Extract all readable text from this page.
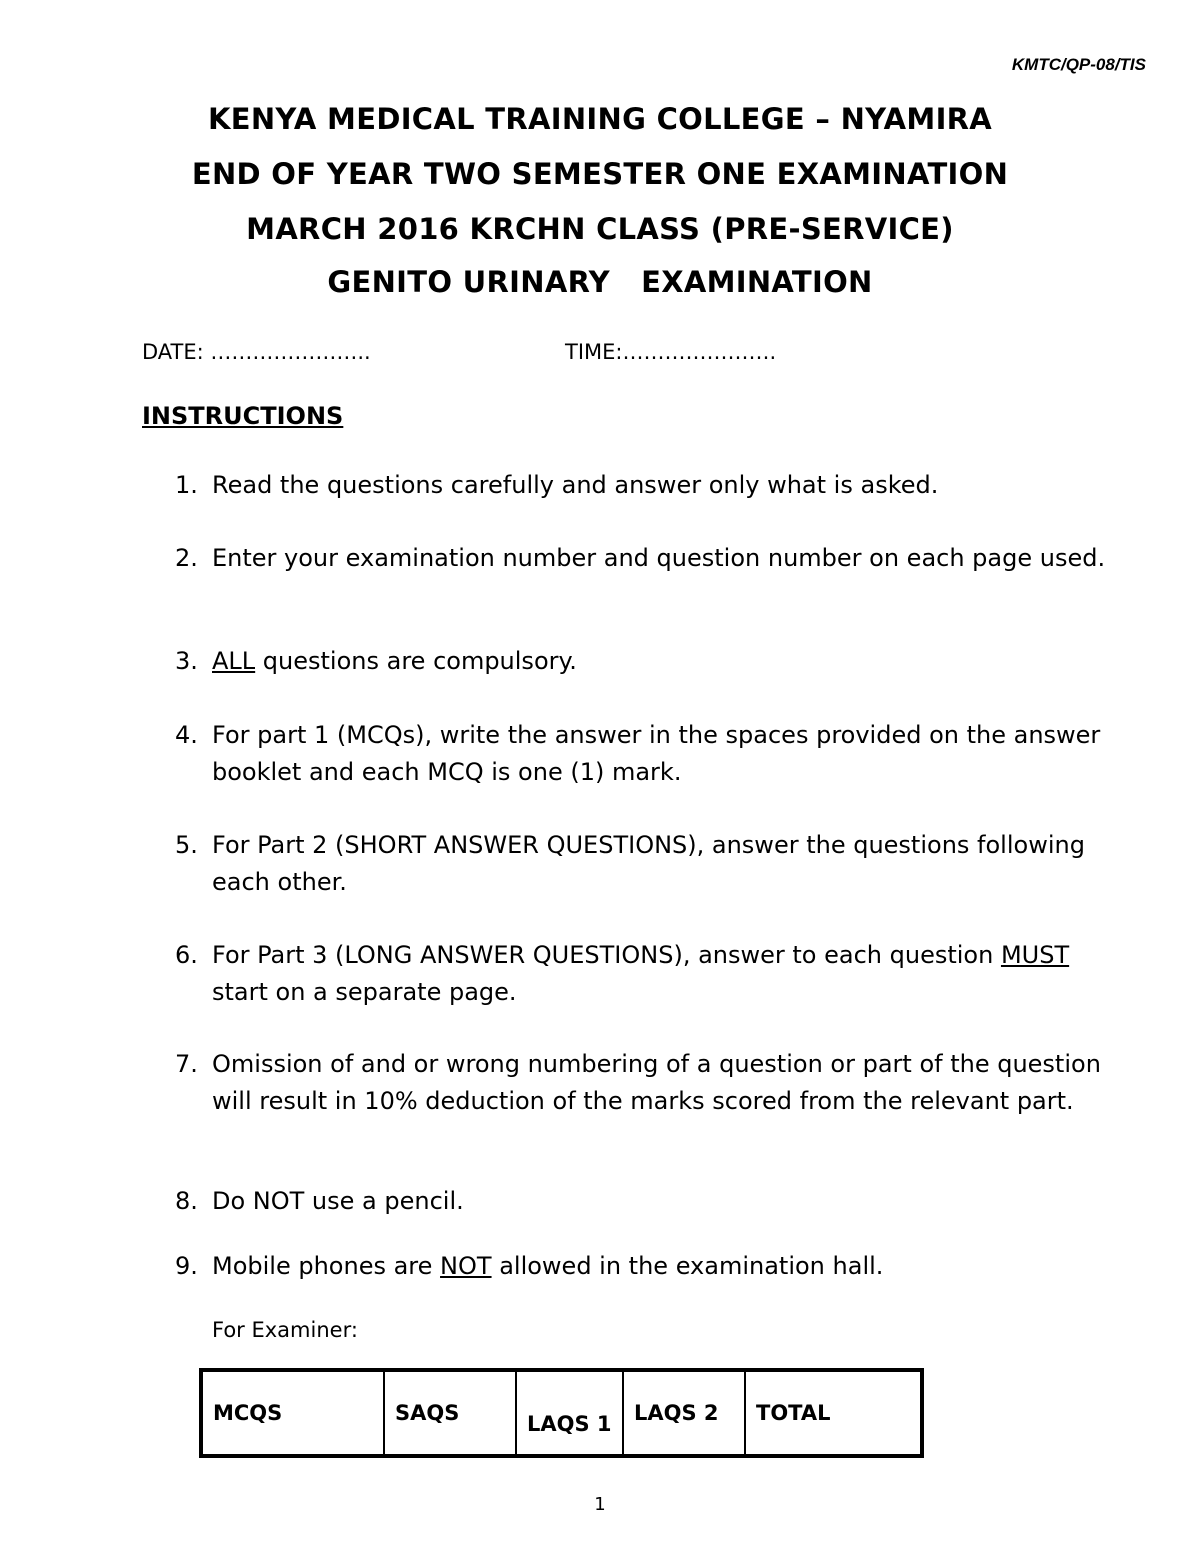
KMTC/QP-08/TIS
KENYA MEDICAL TRAINING COLLEGE – NYAMIRA
END OF YEAR TWO SEMESTER ONE EXAMINATION
MARCH 2016 KRCHN CLASS (PRE-SERVICE)
GENITO URINARY   EXAMINATION
DATE: …………………..	TIME:………………….
INSTRUCTIONS
1. Read the questions carefully and answer only what is asked.
2. Enter your examination number and question number on each page used.
3. ALL questions are compulsory.
4. For part 1 (MCQs), write the answer in the spaces provided on the answer booklet and each MCQ is one (1) mark.
5. For Part 2 (SHORT ANSWER QUESTIONS), answer the questions following each other.
6. For Part 3 (LONG ANSWER QUESTIONS), answer to each question MUST start on a separate page.
7. Omission of and or wrong numbering of a question or part of the question will result in 10% deduction of the marks scored from the relevant part.
8. Do NOT use a pencil.
9. Mobile phones are NOT allowed in the examination hall.
For Examiner:
MCQS	SAQS	LAQS 1	LAQS 2	TOTAL
1
